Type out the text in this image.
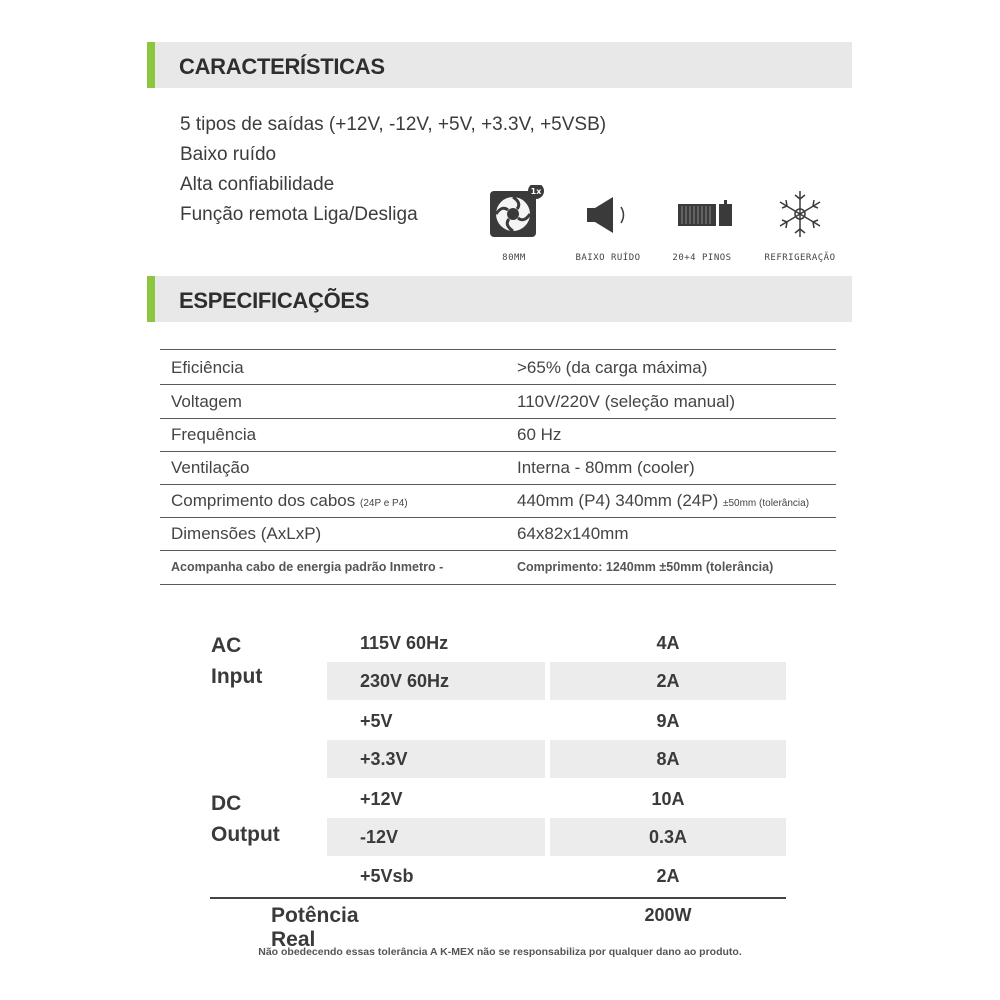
CARACTERÍSTICAS
5 tipos de saídas (+12V, -12V, +5V, +3.3V, +5VSB)
Baixo ruído
Alta confiabilidade
Função remota Liga/Desliga
1x
80MM	BAIXO RUÍDO	20+4 PINOS	REFRIGERAÇÃO
ESPECIFICAÇÕES
Eficiência	>65% (da carga máxima)
Voltagem	110V/220V (seleção manual)
Frequência	60 Hz
Ventilação	Interna - 80mm (cooler)
Comprimento dos cabos (24P e P4)	440mm (P4) 340mm (24P) ±50mm (tolerância)
Dimensões (AxLxP)	64x82x140mm
Acompanha cabo de energia padrão Inmetro -	Comprimento: 1240mm ±50mm (tolerância)
AC
Input
DC
Output
115V 60Hz	4A
230V 60Hz	2A
+5V	9A
+3.3V	8A
+12V	10A
-12V	0.3A
+5Vsb	2A
Potência Real
200W
Não obedecendo essas tolerância A K-MEX não se responsabiliza por qualquer dano ao produto.
